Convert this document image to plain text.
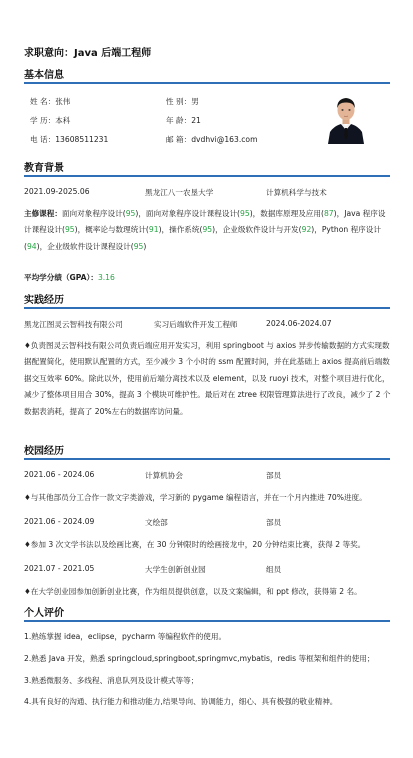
求职意向：Java 后端工程师
基本信息
姓 名：张伟	性 别：男
学 历：本科	年 龄：21
电 话：13608511231	邮 箱：dvdhvi@163.com
教育背景
2021.09-2025.06	黑龙江八一农垦大学	计算机科学与技术
主修课程：面向对象程序设计(95)，面向对象程序设计课程设计(95)，数据库原理及应用(87)，Java 程序设计课程设计(95)，概率论与数理统计(91)，操作系统(95)，企业级软件设计与开发(92)，Python 程序设计(94)，企业级软件设计课程设计(95)
平均学分绩（GPA）：3.16
实践经历
黑龙江图灵云智科技有限公司	实习后端软件开发工程师	2024.06-2024.07
♦负责图灵云智科技有限公司负责后端应用开发实习，利用 springboot 与 axios 异步传输数据的方式实现数据配置简化，使用默认配置的方式，至少减少 3 个小时的 ssm 配置时间，并在此基础上 axios 提高前后端数据交互效率 60%。除此以外，使用前后端分离技术以及 element，以及 ruoyi 技术，对整个项目进行优化，减少了整体项目用合 30%，提高 3 个模块可维护性。最后对在 ztree 权限管理算法进行了改良，减少了 2 个数据表消耗，提高了 20%左右的数据库访问量。
校园经历
2021.06 - 2024.06	计算机协会	部员
♦与其他部员分工合作一款文字类游戏，学习新的 pygame 编程语言，并在一个月内推进 70%进度。
2021.06 - 2024.09	文绘部	部员
♦参加 3 次文学书法以及绘画比赛，在 30 分钟限时的绘画接龙中，20 分钟结束比赛，获得 2 等奖。
2021.07 - 2021.05	大学生创新创业园	组员
♦在大学创业园参加创新创业比赛，作为组员提供创意，以及文案编辑，和 ppt 修改，获得第 2 名。
个人评价
1.熟练掌握 idea，eclipse，pycharm 等编程软件的使用。
2.熟悉 Java 开发，熟悉 springcloud,springboot,springmvc,mybatis，redis 等框架和组件的使用；
3.熟悉微服务、多线程、消息队列及设计模式等等；
4.具有良好的沟通、执行能力和推动能力,结果导向、协调能力，细心、具有极强的敬业精神。
